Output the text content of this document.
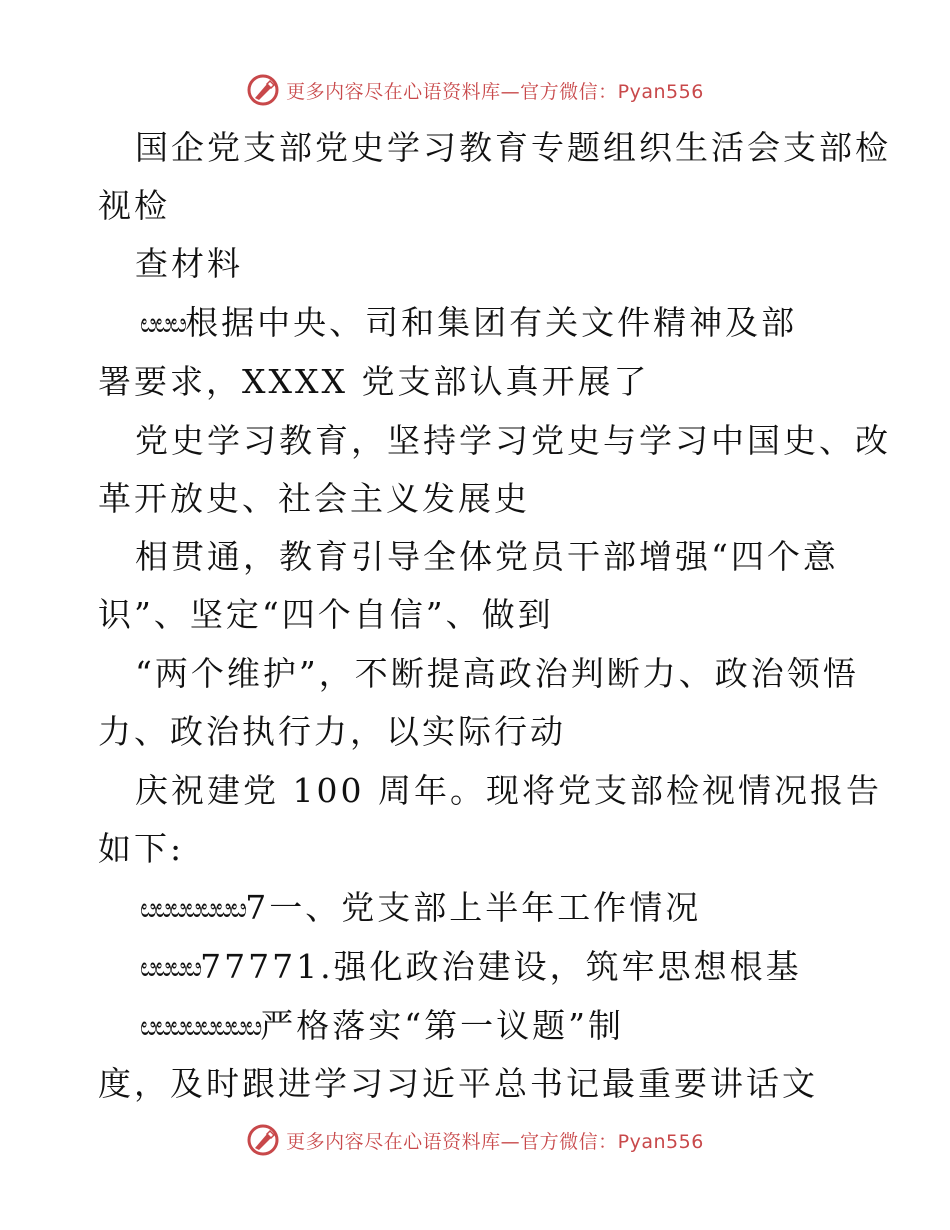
更多内容尽在心语资料库—官方微信：Pyan556
国企党支部党史学习教育专题组织生活会支部检
视检
查材料
ೞೞೞ根据中央、司和集团有关文件精神及部
署要求，XXXX 党支部认真开展了
党史学习教育，坚持学习党史与学习中国史、改
革开放史、社会主义发展史
相贯通，教育引导全体党员干部增强“四个意
识”、坚定“四个自信”、做到
“两个维护”，不断提高政治判断力、政治领悟
力、政治执行力，以实际行动
庆祝建党 100 周年。现将党支部检视情况报告
如下:
ೞೞೞೞೞೞೞ7一、党支部上半年工作情况
ೞೞೞೞ77771.强化政治建设，筑牢思想根基
ೞೞೞೞೞೞೞೞ严格落实“第一议题”制
度，及时跟进学习习近平总书记最重要讲话文
更多内容尽在心语资料库—官方微信：Pyan556
